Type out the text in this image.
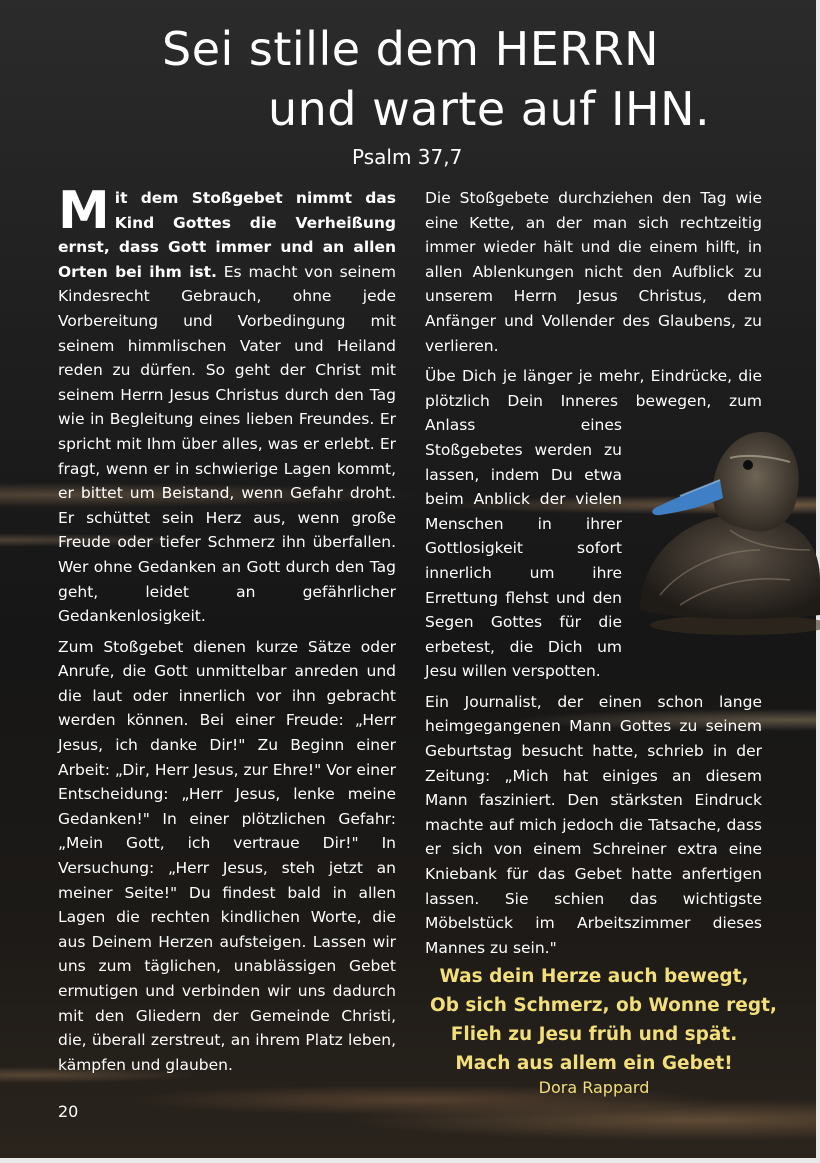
Sei stille dem HERRN
und warte auf IHN.
Psalm 37,7

Mit dem Stoßgebet nimmt das Kind Gottes die Verheißung ernst, dass Gott immer und an allen Orten bei ihm ist. Es macht von seinem Kindesrecht Gebrauch, ohne jede Vorbereitung und Vorbedingung mit seinem himmlischen Vater und Heiland reden zu dürfen. So geht der Christ mit seinem Herrn Jesus Christus durch den Tag wie in Begleitung eines lieben Freundes. Er spricht mit Ihm über alles, was er erlebt. Er fragt, wenn er in schwierige Lagen kommt, er bittet um Beistand, wenn Gefahr droht. Er schüttet sein Herz aus, wenn große Freude oder tiefer Schmerz ihn überfallen. Wer ohne Gedanken an Gott durch den Tag geht, leidet an gefährlicher Gedankenlosigkeit.

Zum Stoßgebet dienen kurze Sätze oder Anrufe, die Gott unmittelbar anreden und die laut oder innerlich vor ihn gebracht werden können. Bei einer Freude: „Herr Jesus, ich danke Dir!" Zu Beginn einer Arbeit: „Dir, Herr Jesus, zur Ehre!" Vor einer Entscheidung: „Herr Jesus, lenke meine Gedanken!" In einer plötzlichen Gefahr: „Mein Gott, ich vertraue Dir!" In Versuchung: „Herr Jesus, steh jetzt an meiner Seite!" Du findest bald in allen Lagen die rechten kindlichen Worte, die aus Deinem Herzen aufsteigen. Lassen wir uns zum täglichen, unablässigen Gebet ermutigen und verbinden wir uns dadurch mit den Gliedern der Gemeinde Christi, die, überall zerstreut, an ihrem Platz leben, kämpfen und glauben.

Die Stoßgebete durchziehen den Tag wie eine Kette, an der man sich rechtzeitig immer wieder hält und die einem hilft, in allen Ablenkungen nicht den Aufblick zu unserem Herrn Jesus Christus, dem Anfänger und Vollender des Glaubens, zu verlieren.

Übe Dich je länger je mehr, Eindrücke, die plötzlich Dein Inneres bewegen, zum Anlass eines Stoßgebetes werden zu lassen, indem Du etwa beim Anblick der vielen Menschen in ihrer Gottlosigkeit sofort innerlich um ihre Errettung flehst und den Segen Gottes für die erbetest, die Dich um Jesu willen verspotten.

Ein Journalist, der einen schon lange heimgegangenen Mann Gottes zu seinem Geburtstag besucht hatte, schrieb in der Zeitung: „Mich hat einiges an diesem Mann fasziniert. Den stärksten Eindruck machte auf mich jedoch die Tatsache, dass er sich von einem Schreiner extra eine Kniebank für das Gebet hatte anfertigen lassen. Sie schien das wichtigste Möbelstück im Arbeitszimmer dieses Mannes zu sein."

Was dein Herze auch bewegt,
Ob sich Schmerz, ob Wonne regt,
Flieh zu Jesu früh und spät.
Mach aus allem ein Gebet!
Dora Rappard
20
